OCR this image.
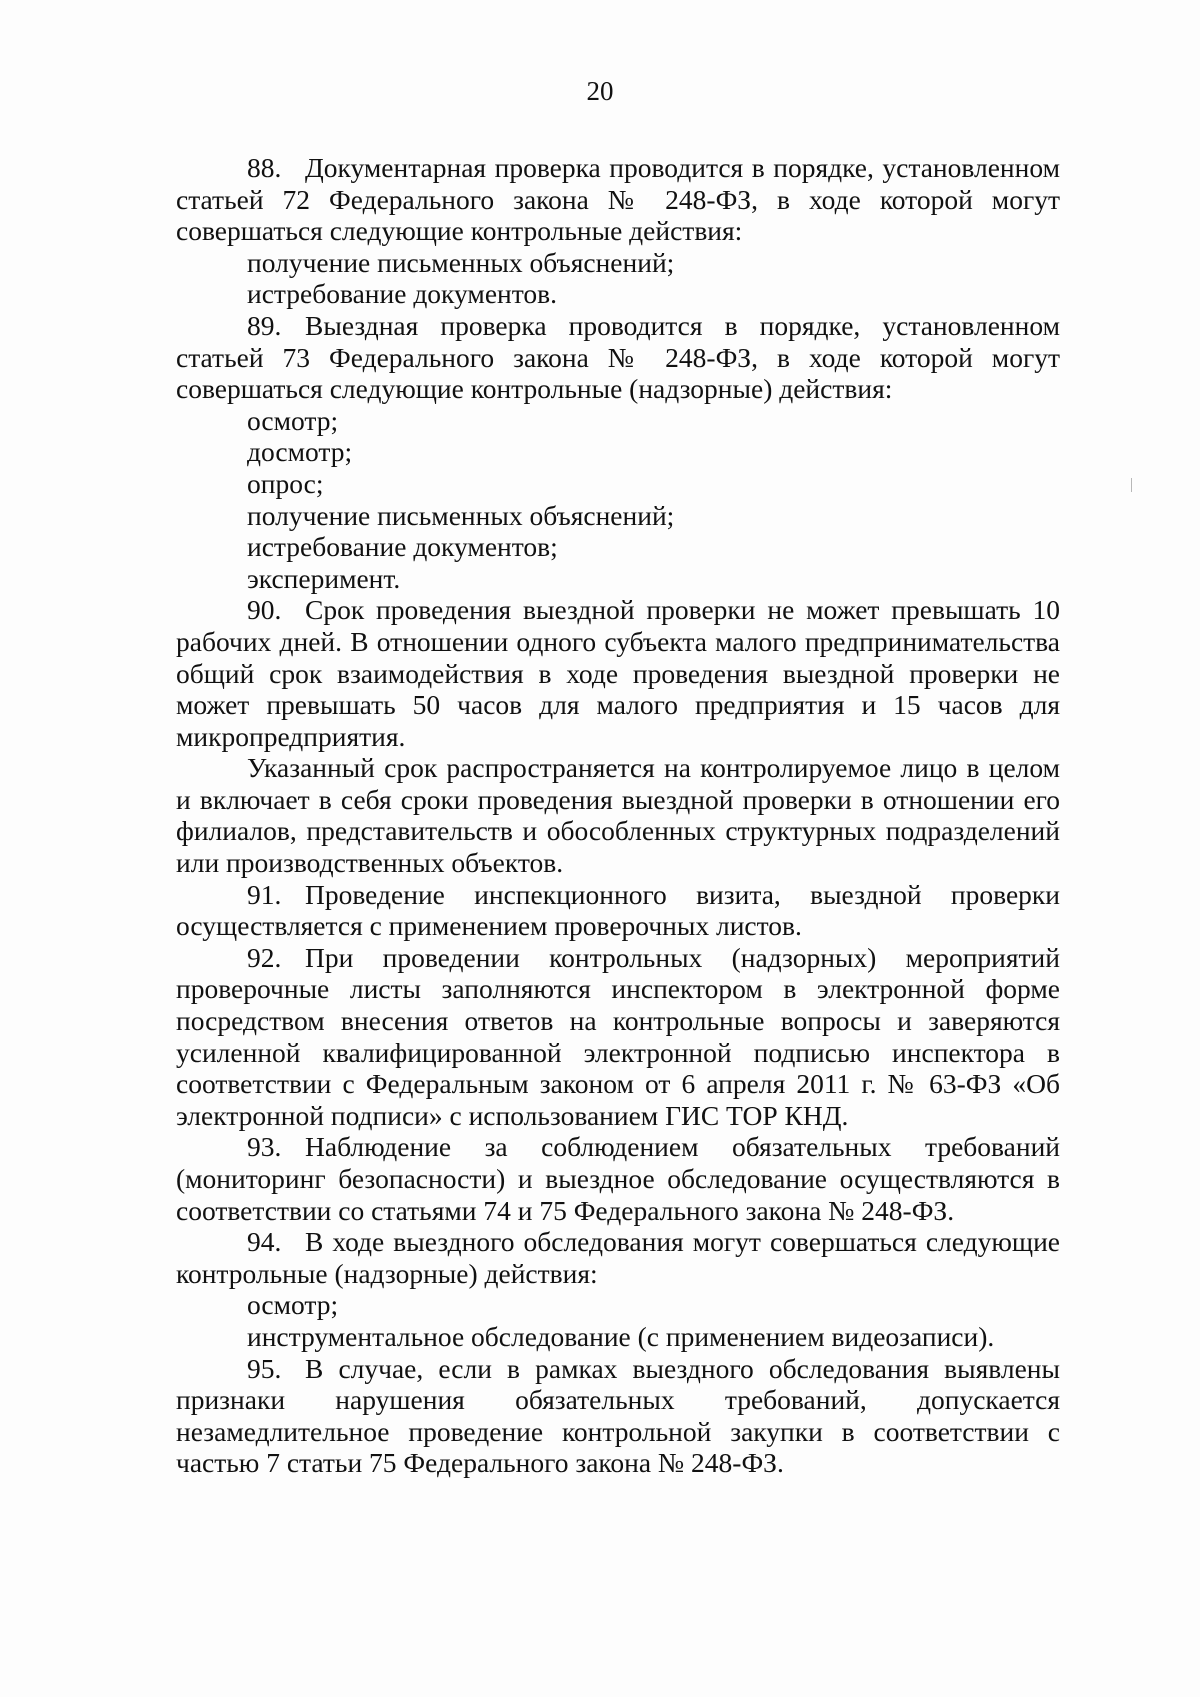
20

88. Документарная проверка проводится в порядке, установленном статьей 72 Федерального закона № 248-ФЗ, в ходе которой могут совершаться следующие контрольные действия:

получение письменных объяснений;

истребование документов.

89. Выездная проверка проводится в порядке, установленном статьей 73 Федерального закона № 248-ФЗ, в ходе которой могут совершаться следующие контрольные (надзорные) действия:

осмотр;

досмотр;

опрос;

получение письменных объяснений;

истребование документов;

эксперимент.

90. Срок проведения выездной проверки не может превышать 10 рабочих дней. В отношении одного субъекта малого предпринимательства общий срок взаимодействия в ходе проведения выездной проверки не может превышать 50 часов для малого предприятия и 15 часов для микропредприятия.

Указанный срок распространяется на контролируемое лицо в целом и включает в себя сроки проведения выездной проверки в отношении его филиалов, представительств и обособленных структурных подразделений или производственных объектов.

91. Проведение инспекционного визита, выездной проверки осуществляется с применением проверочных листов.

92. При проведении контрольных (надзорных) мероприятий проверочные листы заполняются инспектором в электронной форме посредством внесения ответов на контрольные вопросы и заверяются усиленной квалифицированной электронной подписью инспектора в соответствии с Федеральным законом от 6 апреля 2011 г. № 63-ФЗ «Об электронной подписи» с использованием ГИС ТОР КНД.

93. Наблюдение за соблюдением обязательных требований (мониторинг безопасности) и выездное обследование осуществляются в соответствии со статьями 74 и 75 Федерального закона № 248-ФЗ.

94. В ходе выездного обследования могут совершаться следующие контрольные (надзорные) действия:

осмотр;

инструментальное обследование (с применением видеозаписи).

95. В случае, если в рамках выездного обследования выявлены признаки нарушения обязательных требований, допускается незамедлительное проведение контрольной закупки в соответствии с частью 7 статьи 75 Федерального закона № 248-ФЗ.
